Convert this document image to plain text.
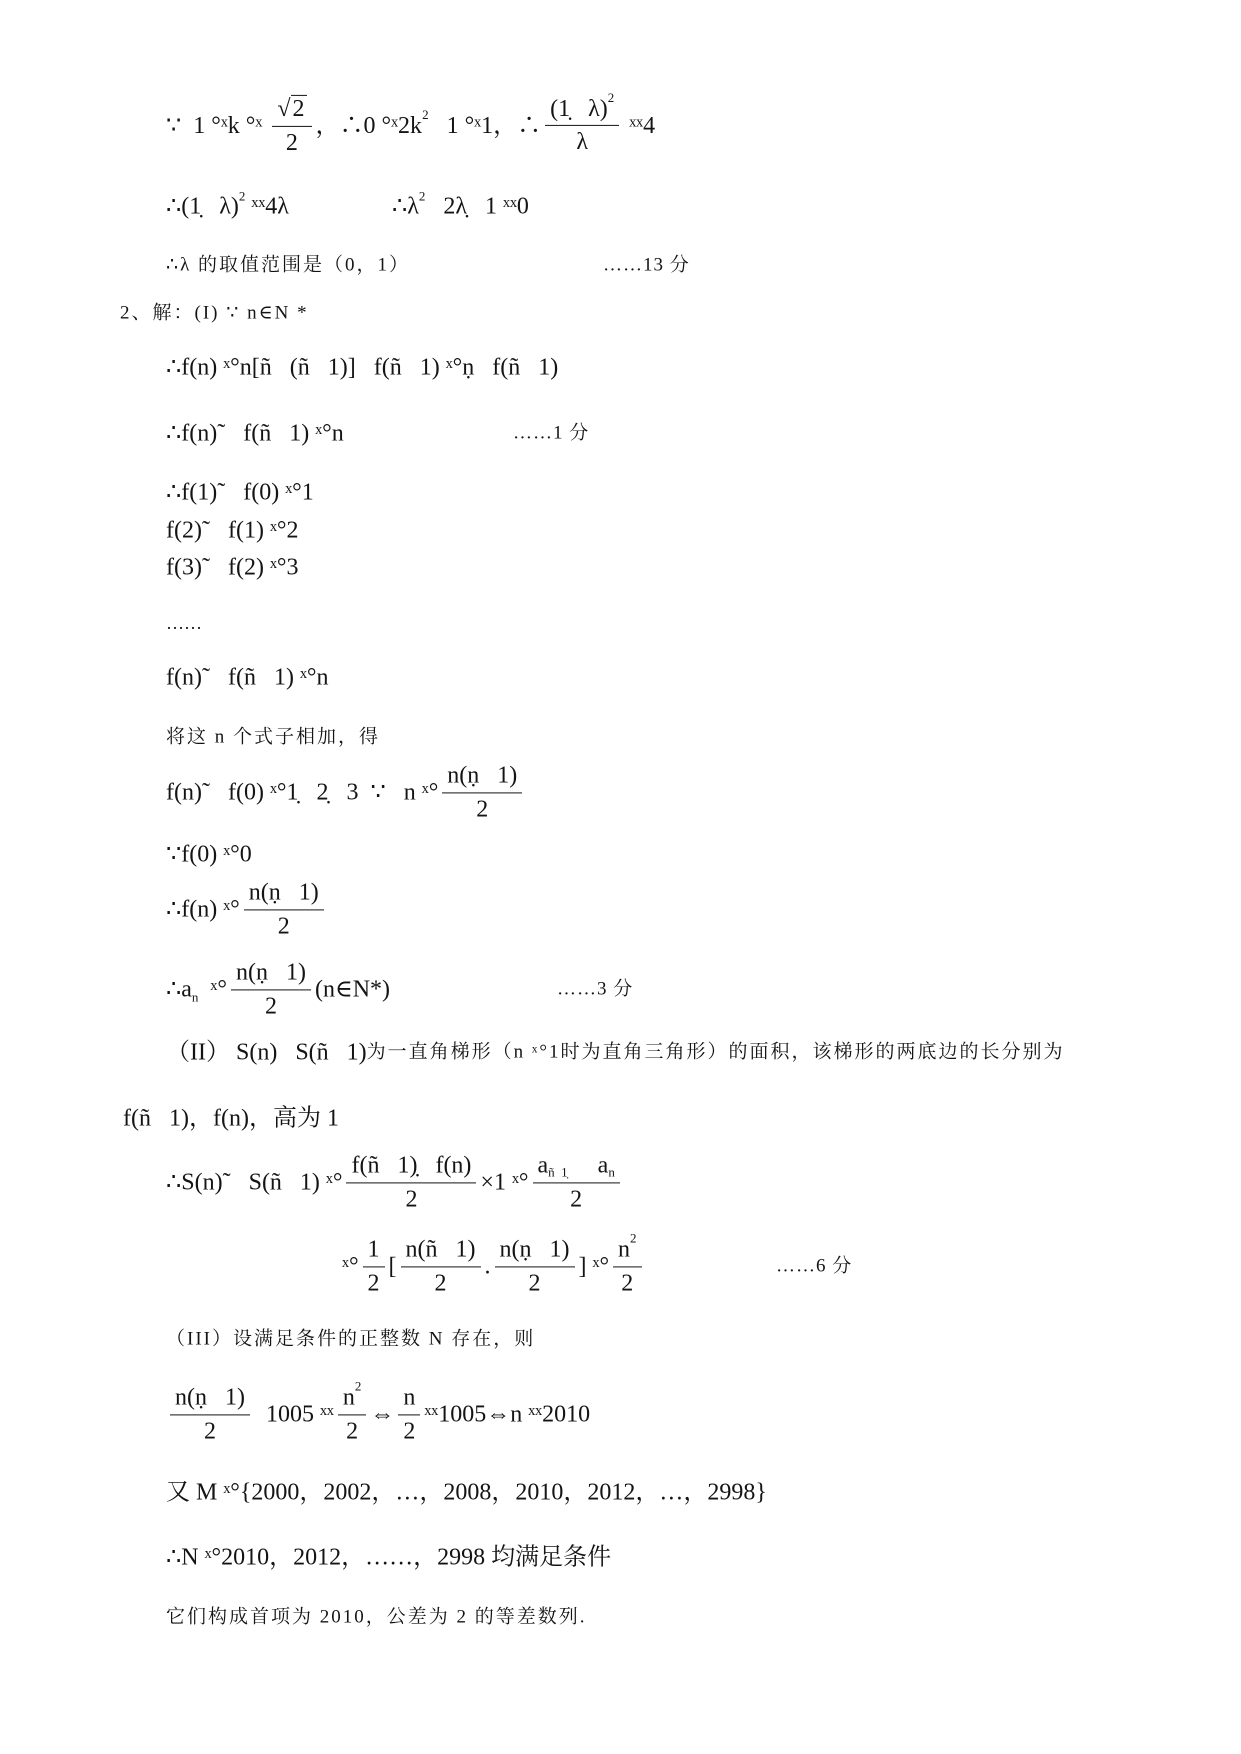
∵  1 °ˣk °ˣ $\frac{√ 2}{2}$ ，∴0 °ˣ2k 2 1 °ˣ1，∴ $\frac{(1̣ \lambda) 2}{\lambda}$ ˣˣ4
∴(1̣   λ) 2 ˣˣ4λ	∴λ 2 2λ̣   1 ˣˣ0
∴λ 的取值范围是（0，1）	……13 分
2、解：(I) ∵ n∈N *
∴f(n) ˣ°n[ñ   (ñ   1)]   f(ñ   1) ˣ°ṇ   f(ñ   1)
∴f(n)˜   f(ñ   1) ˣ°n	……1 分
∴f(1)˜   f(0) ˣ°1
f(2)˜   f(1) ˣ°2
f(3)˜   f(2) ˣ°3
……
f(n)˜   f(ñ   1) ˣ°n
将这 n 个式子相加，得
f(n)˜   f(0) ˣ°1̣   2̣   3  ∵   n ˣ° $\frac{\text{n(ṇ   1)}}{2}$
∵f(0) ˣ°0
∴f(n) ˣ° $\frac{\text{n(ṇ   1)}}{2}$
∴a n ˣ° $\frac{\text{n(ṇ   1)}}{2}$ (n∈N*)	……3 分
（II） S(n)   S(ñ   1) 为一直角梯形（n ˣ°1时为直角三角形）的面积，该梯形的两底边的长分别为
f(ñ   1)，f(n)，高为 1
∴S(n)˜   S(ñ   1) ˣ° $\frac{f(ñ 1)̣ f(n)}{2} \times 1$ ˣ° $\frac{\text{a ñ  1̣ a n}}{2}$
ˣ° $\frac{1}{2}$ [ $\frac{n(ñ 1)}{2}$ . $\frac{\text{n(ṇ   1)}}{2}$ ] ˣ° $\frac{n 2}{2}$	……6 分
（III）设满足条件的正整数 N 存在，则
$\frac{\text{n(ṇ   1)}}{2} 1005$ ˣˣ $\frac{n 2}{2}$ ⇔ $\frac{n}{2}$ ˣˣ1005⇔n ˣˣ2010
又 M ˣ°{2000，2002，…，2008，2010，2012，…，2998}
∴N ˣ°2010，2012，……，2998 均满足条件
它们构成首项为 2010，公差为 2 的等差数列.
